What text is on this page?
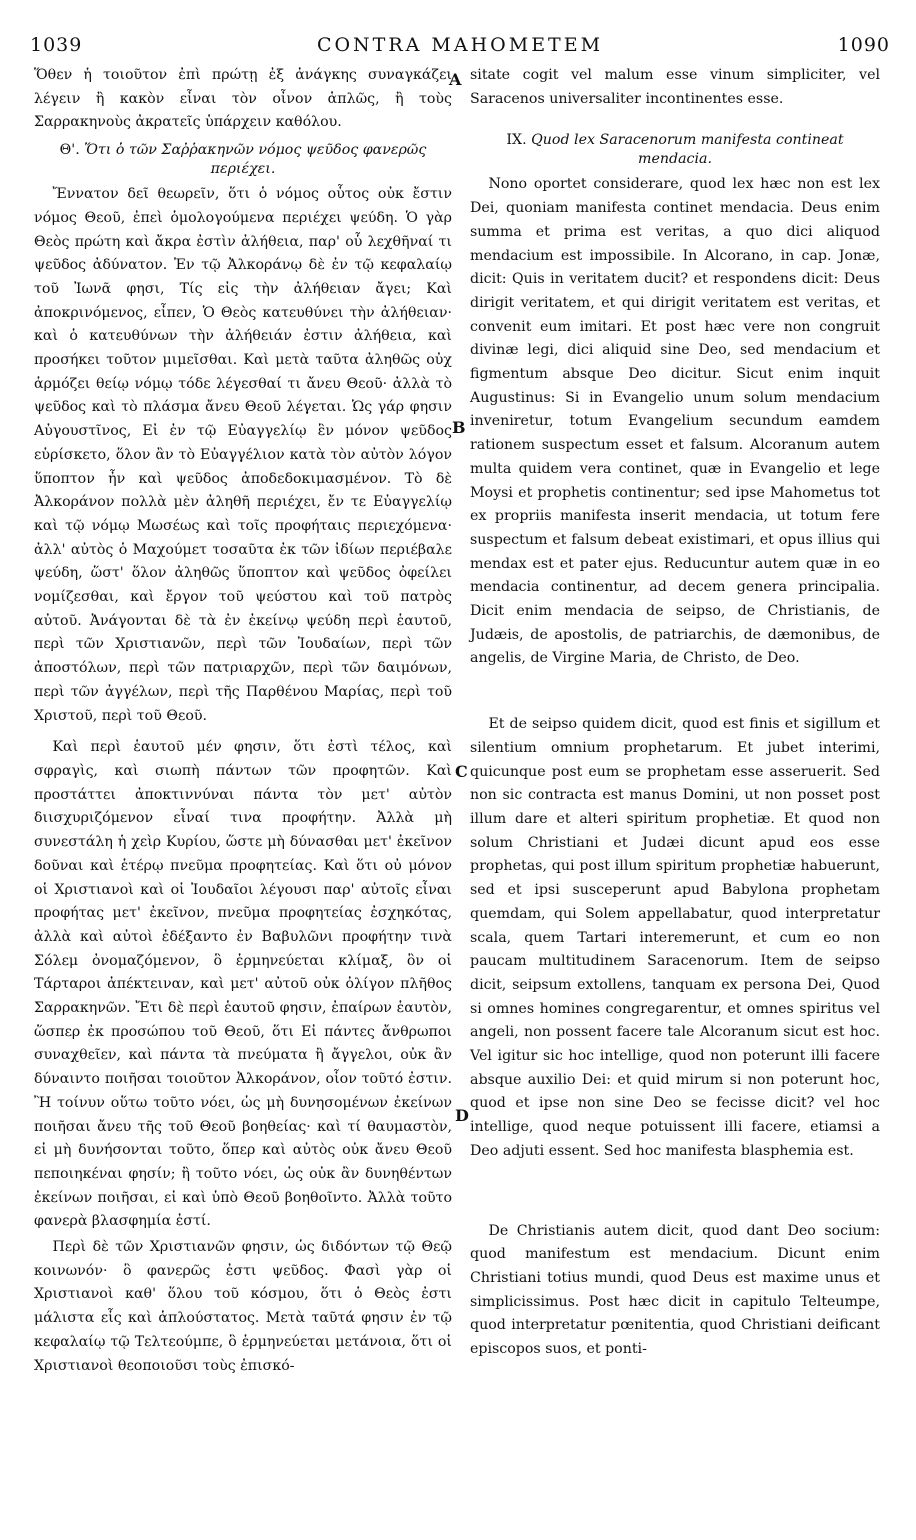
1039	CONTRA MAHOMETEM	1090
A
B
C
D

Ὅθεν ἡ τοιοῦτον ἐπὶ πρώτῃ ἐξ ἀνάγκης συναγκάζει λέγειν ἢ κακὸν εἶναι τὸν οἶνον ἁπλῶς, ἢ τοὺς Σαρρακηνοὺς ἀκρατεῖς ὑπάρχειν καθόλου.

Θ'. Ὅτι ὁ τῶν Σαῤῥακηνῶν νόμος ψεῦδος φανερῶς περιέχει.

Ἔννατον δεῖ θεωρεῖν, ὅτι ὁ νόμος οὗτος οὐκ ἔστιν νόμος Θεοῦ, ἐπεὶ ὁμολογούμενα περιέχει ψεύδη. Ὁ γὰρ Θεὸς πρώτη καὶ ἄκρα ἐστὶν ἀλήθεια, παρ' οὗ λεχθῆναί τι ψεῦδος ἀδύνατον. Ἐν τῷ Ἀλκοράνῳ δὲ ἐν τῷ κεφαλαίῳ τοῦ Ἰωνᾶ φησι, Τίς εἰς τὴν ἀλήθειαν ἄγει; Καὶ ἀποκρινόμενος, εἶπεν, Ὁ Θεὸς κατευθύνει τὴν ἀλήθειαν· καὶ ὁ κατευθύνων τὴν ἀλήθειάν ἐστιν ἀλήθεια, καὶ προσήκει τοῦτον μιμεῖσθαι. Καὶ μετὰ ταῦτα ἀληθῶς οὐχ ἁρμόζει θείῳ νόμῳ τόδε λέγεσθαί τι ἄνευ Θεοῦ· ἀλλὰ τὸ ψεῦδος καὶ τὸ πλάσμα ἄνευ Θεοῦ λέγεται. Ὡς γάρ φησιν Αὐγουστῖνος, Εἰ ἐν τῷ Εὐαγγελίῳ ἓν μόνον ψεῦδος εὑρίσκετο, ὅλον ἂν τὸ Εὐαγγέλιον κατὰ τὸν αὐτὸν λόγον ὕποπτον ἦν καὶ ψεῦδος ἀποδεδοκιμασμένον. Τὸ δὲ Ἀλκοράνον πολλὰ μὲν ἀληθῆ περιέχει, ἔν τε Εὐαγγελίῳ καὶ τῷ νόμῳ Μωσέως καὶ τοῖς προφήταις περιεχόμενα· ἀλλ' αὐτὸς ὁ Μαχούμετ τοσαῦτα ἐκ τῶν ἰδίων περιέβαλε ψεύδη, ὥστ' ὅλον ἀληθῶς ὕποπτον καὶ ψεῦδος ὀφείλει νομίζεσθαι, καὶ ἔργον τοῦ ψεύστου καὶ τοῦ πατρὸς αὐτοῦ. Ἀνάγονται δὲ τὰ ἐν ἐκείνῳ ψεύδη περὶ ἑαυτοῦ, περὶ τῶν Χριστιανῶν, περὶ τῶν Ἰουδαίων, περὶ τῶν ἀποστόλων, περὶ τῶν πατριαρχῶν, περὶ τῶν δαιμόνων, περὶ τῶν ἀγγέλων, περὶ τῆς Παρθένου Μαρίας, περὶ τοῦ Χριστοῦ, περὶ τοῦ Θεοῦ.

Καὶ περὶ ἑαυτοῦ μέν φησιν, ὅτι ἐστὶ τέλος, καὶ σφραγὶς, καὶ σιωπὴ πάντων τῶν προφητῶν. Καὶ προστάττει ἀποκτιννύναι πάντα τὸν μετ' αὐτὸν διισχυριζόμενον εἶναί τινα προφήτην. Ἀλλὰ μὴ συνεστάλη ἡ χεὶρ Κυρίου, ὥστε μὴ δύνασθαι μετ' ἐκεῖνον δοῦναι καὶ ἑτέρῳ πνεῦμα προφητείας. Καὶ ὅτι οὐ μόνον οἱ Χριστιανοὶ καὶ οἱ Ἰουδαῖοι λέγουσι παρ' αὐτοῖς εἶναι προφήτας μετ' ἐκεῖνον, πνεῦμα προφητείας ἐσχηκότας, ἀλλὰ καὶ αὐτοὶ ἐδέξαντο ἐν Βαβυλῶνι προφήτην τινὰ Σόλεμ ὀνομαζόμενον, ὃ ἑρμηνεύεται κλίμαξ, ὃν οἱ Τάρταροι ἀπέκτειναν, καὶ μετ' αὐτοῦ οὐκ ὀλίγον πλῆθος Σαρρακηνῶν. Ἔτι δὲ περὶ ἑαυτοῦ φησιν, ἐπαίρων ἑαυτὸν, ὥσπερ ἐκ προσώπου τοῦ Θεοῦ, ὅτι Εἰ πάντες ἄνθρωποι συναχθεῖεν, καὶ πάντα τὰ πνεύματα ἢ ἄγγελοι, οὐκ ἂν δύναιντο ποιῆσαι τοιοῦτον Ἀλκοράνον, οἷον τοῦτό ἐστιν. Ἢ τοίνυν οὕτω τοῦτο νόει, ὡς μὴ δυνησομένων ἐκείνων ποιῆσαι ἄνευ τῆς τοῦ Θεοῦ βοηθείας· καὶ τί θαυμαστὸν, εἰ μὴ δυνήσονται τοῦτο, ὅπερ καὶ αὐτὸς οὐκ ἄνευ Θεοῦ πεποιηκέναι φησίν; ἢ τοῦτο νόει, ὡς οὐκ ἂν δυνηθέντων ἐκείνων ποιῆσαι, εἰ καὶ ὑπὸ Θεοῦ βοηθοῖντο. Ἀλλὰ τοῦτο φανερὰ βλασφημία ἐστί.

Περὶ δὲ τῶν Χριστιανῶν φησιν, ὡς διδόντων τῷ Θεῷ κοινωνόν· ὃ φανερῶς ἐστι ψεῦδος. Φασὶ γὰρ οἱ Χριστιανοὶ καθ' ὅλου τοῦ κόσμου, ὅτι ὁ Θεὸς ἐστι μάλιστα εἷς καὶ ἁπλούστατος. Μετὰ ταῦτά φησιν ἐν τῷ κεφαλαίῳ τῷ Τελτεούμπε, ὃ ἑρμηνεύεται μετάνοια, ὅτι οἱ Χριστιανοὶ θεοποιοῦσι τοὺς ἐπισκό-

sitate cogit vel malum esse vinum simpliciter, vel Saracenos universaliter incontinentes esse.

IX. Quod lex Saracenorum manifesta contineat mendacia.

Nono oportet considerare, quod lex hæc non est lex Dei, quoniam manifesta continet mendacia. Deus enim summa et prima est veritas, a quo dici aliquod mendacium est impossibile. In Alcorano, in cap. Jonæ, dicit: Quis in veritatem ducit? et respondens dicit: Deus dirigit veritatem, et qui dirigit veritatem est veritas, et convenit eum imitari. Et post hæc vere non congruit divinæ legi, dici aliquid sine Deo, sed mendacium et figmentum absque Deo dicitur. Sicut enim inquit Augustinus: Si in Evangelio unum solum mendacium inveniretur, totum Evangelium secundum eamdem rationem suspectum esset et falsum. Alcoranum autem multa quidem vera continet, quæ in Evangelio et lege Moysi et prophetis continentur; sed ipse Mahometus tot ex propriis manifesta inserit mendacia, ut totum fere suspectum et falsum debeat existimari, et opus illius qui mendax est et pater ejus. Reducuntur autem quæ in eo mendacia continentur, ad decem genera principalia. Dicit enim mendacia de seipso, de Christianis, de Judæis, de apostolis, de patriarchis, de dæmonibus, de angelis, de Virgine Maria, de Christo, de Deo.

Et de seipso quidem dicit, quod est finis et sigillum et silentium omnium prophetarum. Et jubet interimi, quicunque post eum se prophetam esse asseruerit. Sed non sic contracta est manus Domini, ut non posset post illum dare et alteri spiritum prophetiæ. Et quod non solum Christiani et Judæi dicunt apud eos esse prophetas, qui post illum spiritum prophetiæ habuerunt, sed et ipsi susceperunt apud Babylona prophetam quemdam, qui Solem appellabatur, quod interpretatur scala, quem Tartari interemerunt, et cum eo non paucam multitudinem Saracenorum. Item de seipso dicit, seipsum extollens, tanquam ex persona Dei, Quod si omnes homines congregarentur, et omnes spiritus vel angeli, non possent facere tale Alcoranum sicut est hoc. Vel igitur sic hoc intellige, quod non poterunt illi facere absque auxilio Dei: et quid mirum si non poterunt hoc, quod et ipse non sine Deo se fecisse dicit? vel hoc intellige, quod neque potuissent illi facere, etiamsi a Deo adjuti essent. Sed hoc manifesta blasphemia est.

De Christianis autem dicit, quod dant Deo socium: quod manifestum est mendacium. Dicunt enim Christiani totius mundi, quod Deus est maxime unus et simplicissimus. Post hæc dicit in capitulo Telteumpe, quod interpretatur pœnitentia, quod Christiani deificant episcopos suos, et ponti-
